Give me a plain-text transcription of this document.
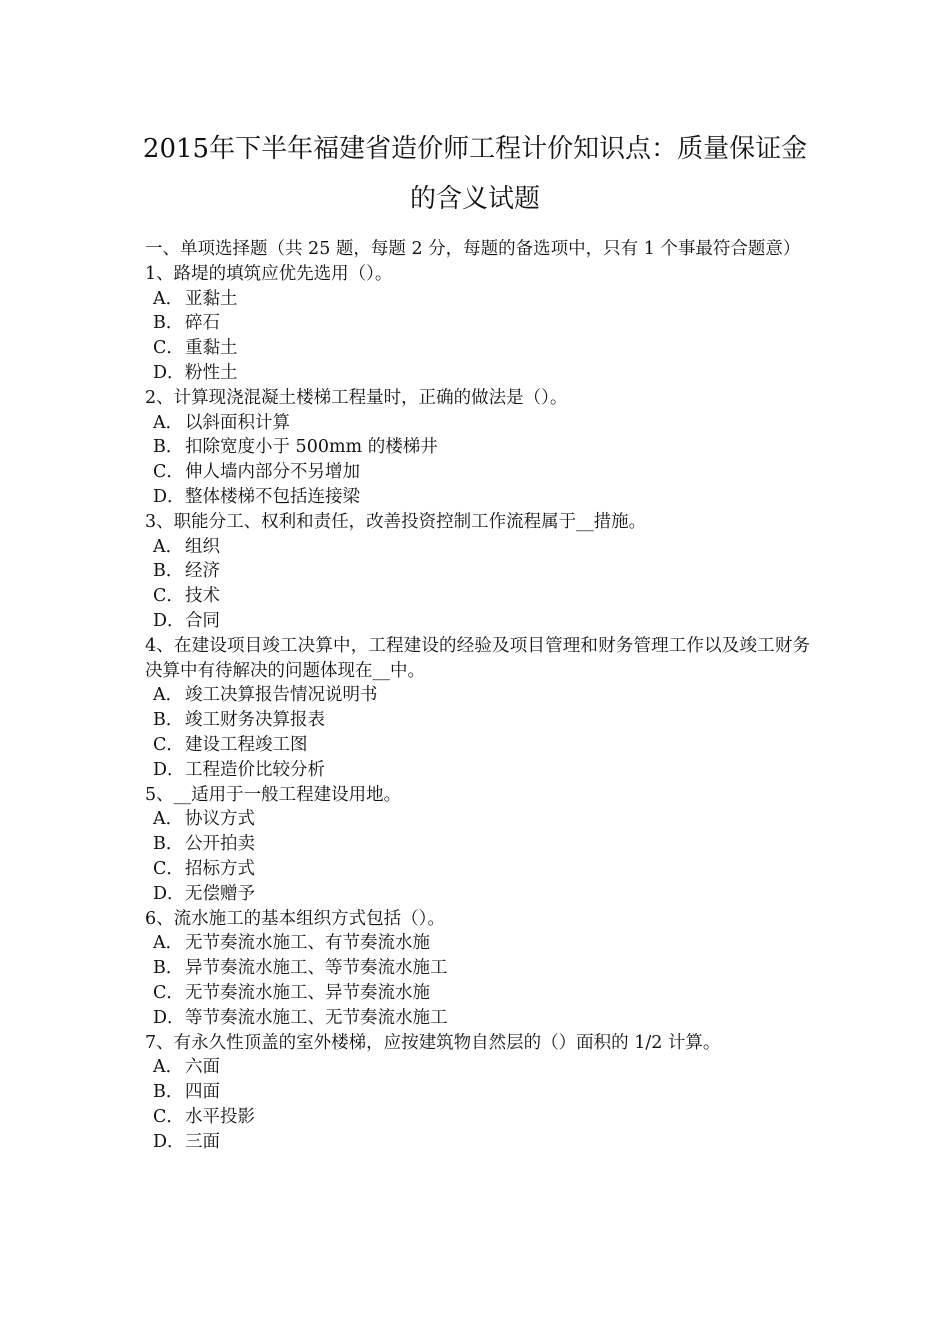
2015年下半年福建省造价师工程计价知识点：质量保证金
的含义试题

一、单项选择题（共 25 题，每题 2 分，每题的备选项中，只有 1 个事最符合题意）

1、路堤的填筑应优先选用（）。

A． 亚黏土

B．碎石

C．重黏土

D．粉性土

2、计算现浇混凝土楼梯工程量时，正确的做法是（）。

A． 以斜面积计算

B．扣除宽度小于 500mm 的楼梯井

C．伸人墙内部分不另增加

D．整体楼梯不包括连接梁

3、职能分工、权利和责任，改善投资控制工作流程属于__措施。

A． 组织

B．经济

C．技术

D．合同

4、在建设项目竣工决算中，工程建设的经验及项目管理和财务管理工作以及竣工财务决算中有待解决的问题体现在__中。

A． 竣工决算报告情况说明书

B．竣工财务决算报表

C．建设工程竣工图

D．工程造价比较分析

5、__适用于一般工程建设用地。

A． 协议方式

B．公开拍卖

C．招标方式

D．无偿赠予

6、流水施工的基本组织方式包括（）。

A． 无节奏流水施工、有节奏流水施

B．异节奏流水施工、等节奏流水施工

C．无节奏流水施工、异节奏流水施

D．等节奏流水施工、无节奏流水施工

7、有永久性顶盖的室外楼梯，应按建筑物自然层的（）面积的 1/2 计算。

A． 六面

B．四面

C．水平投影

D．三面
